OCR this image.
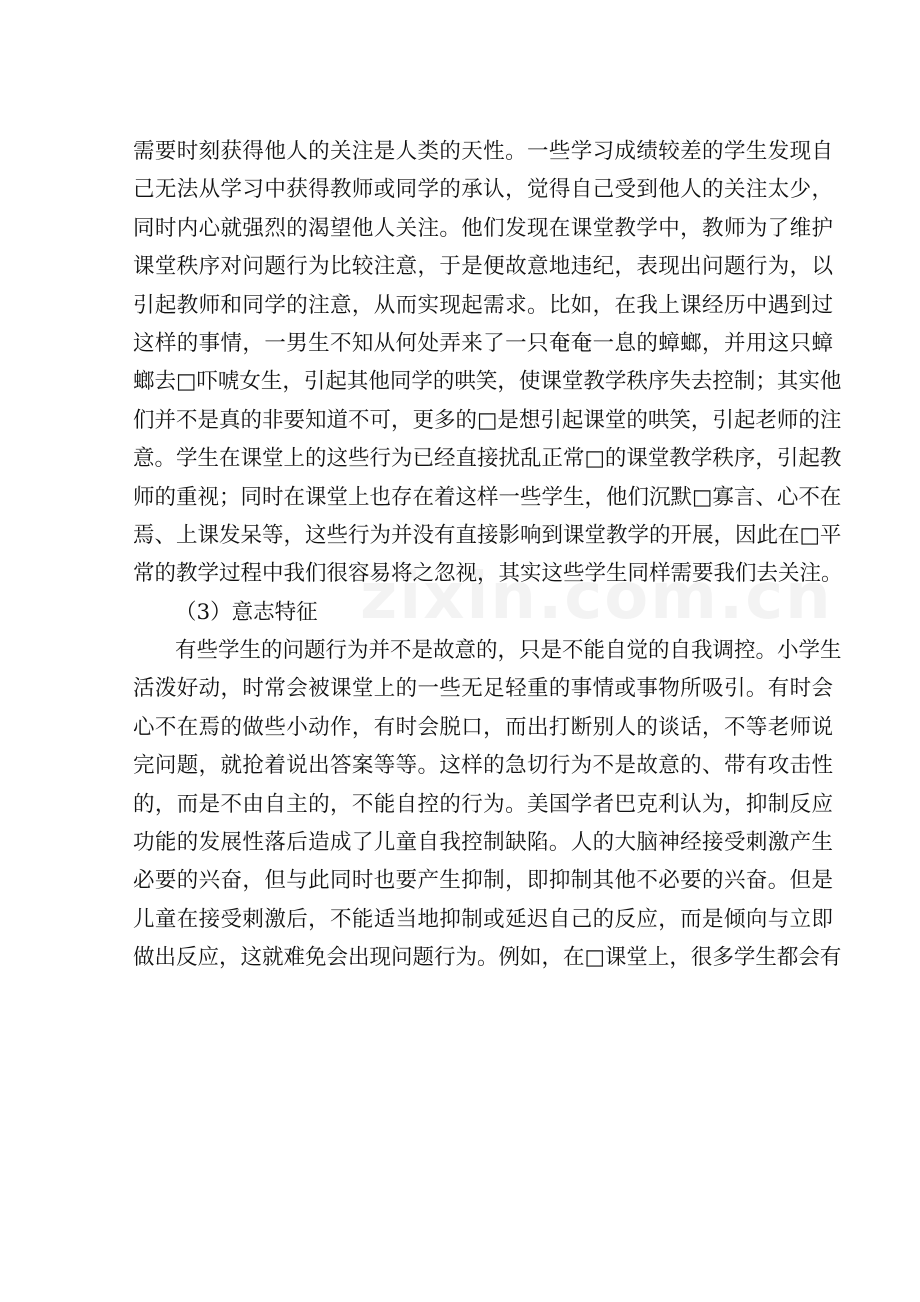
需要时刻获得他人的关注是人类的天性。一些学习成绩较差的学生发现自
己无法从学习中获得教师或同学的承认，觉得自己受到他人的关注太少，
同时内心就强烈的渴望他人关注。他们发现在课堂教学中，教师为了维护
课堂秩序对问题行为比较注意，于是便故意地违纪，表现出问题行为，以
引起教师和同学的注意，从而实现起需求。比如，在我上课经历中遇到过
这样的事情，一男生不知从何处弄来了一只奄奄一息的蟑螂，并用这只蟑
螂去□吓唬女生，引起其他同学的哄笑，使课堂教学秩序失去控制；其实他
们并不是真的非要知道不可，更多的□是想引起课堂的哄笑，引起老师的注
意。学生在课堂上的这些行为已经直接扰乱正常□的课堂教学秩序，引起教
师的重视；同时在课堂上也存在着这样一些学生，他们沉默□寡言、心不在
焉、上课发呆等，这些行为并没有直接影响到课堂教学的开展，因此在□平
常的教学过程中我们很容易将之忽视，其实这些学生同样需要我们去关注。
（3）意志特征
有些学生的问题行为并不是故意的，只是不能自觉的自我调控。小学生
活泼好动，时常会被课堂上的一些无足轻重的事情或事物所吸引。有时会
心不在焉的做些小动作，有时会脱口，而出打断别人的谈话，不等老师说
完问题，就抢着说出答案等等。这样的急切行为不是故意的、带有攻击性
的，而是不由自主的，不能自控的行为。美国学者巴克利认为，抑制反应
功能的发展性落后造成了儿童自我控制缺陷。人的大脑神经接受刺激产生
必要的兴奋，但与此同时也要产生抑制，即抑制其他不必要的兴奋。但是
儿童在接受刺激后，不能适当地抑制或延迟自己的反应，而是倾向与立即
做出反应，这就难免会出现问题行为。例如，在□课堂上，很多学生都会有
